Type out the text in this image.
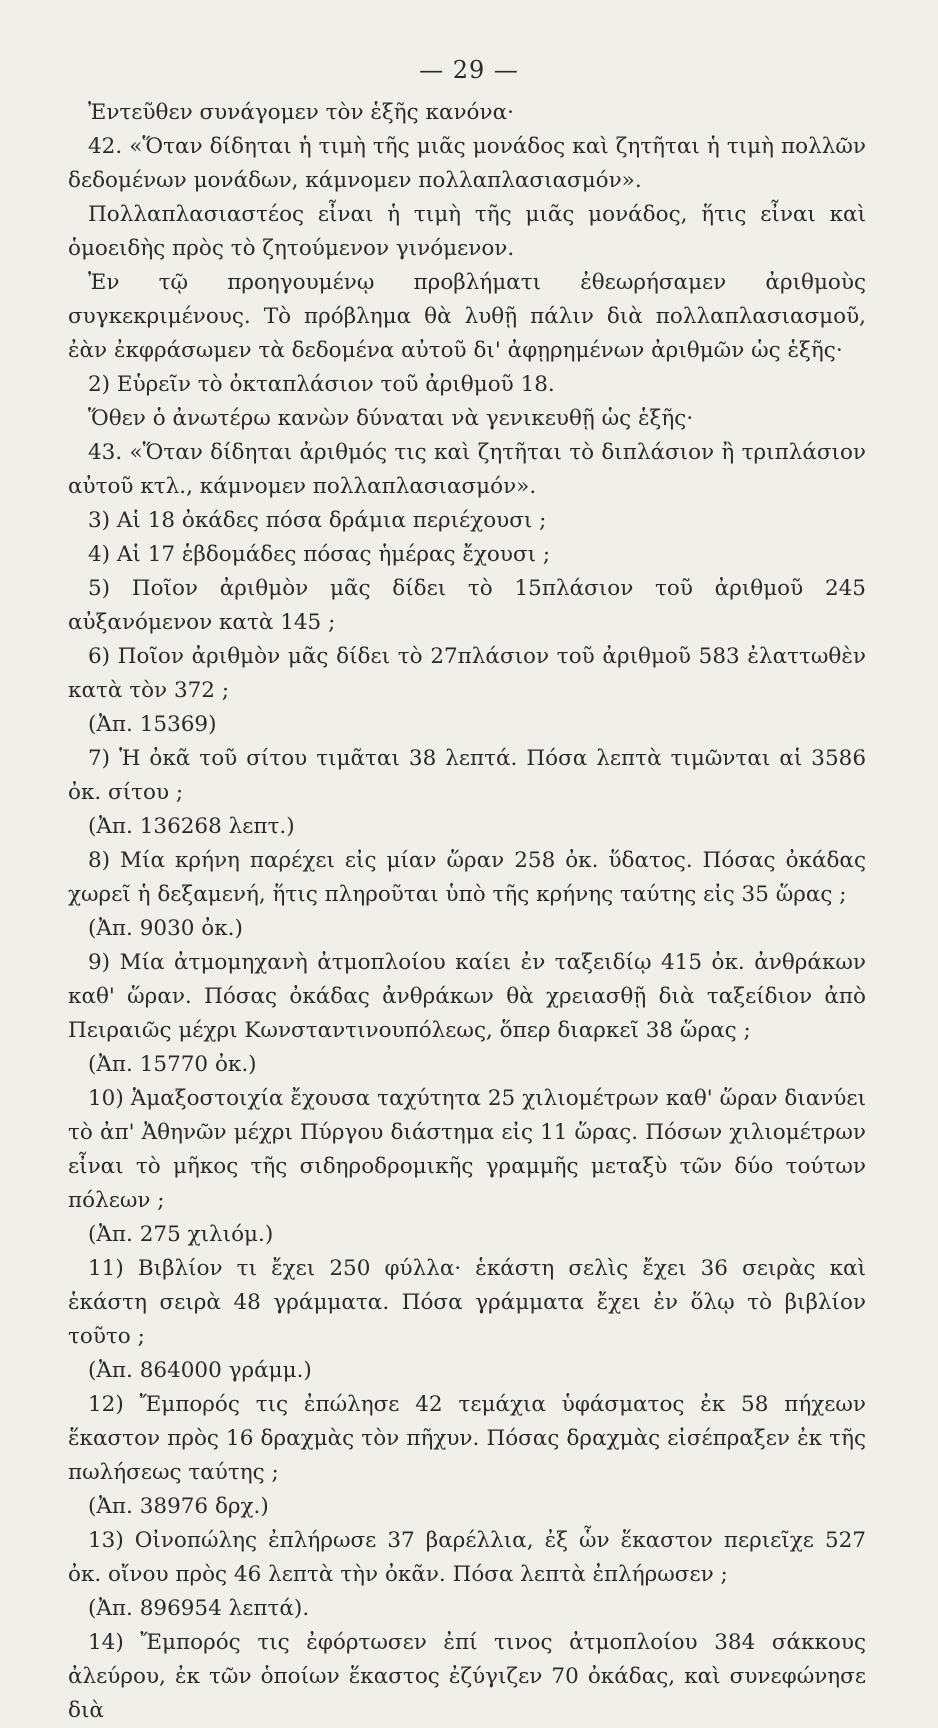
— 29 —

Ἐντεῦθεν συνάγομεν τὸν ἑξῆς κανόνα·

42. «Ὅταν δίδηται ἡ τιμὴ τῆς μιᾶς μονάδος καὶ ζητῆται ἡ τιμὴ πολλῶν δεδομένων μονάδων, κάμνομεν πολλαπλασιασμόν».

Πολλαπλασιαστέος εἶναι ἡ τιμὴ τῆς μιᾶς μονάδος, ἥτις εἶναι καὶ ὁμοειδὴς πρὸς τὸ ζητούμενον γινόμενον.

Ἐν τῷ προηγουμένῳ προβλήματι ἐθεωρήσαμεν ἀριθμοὺς συγκεκριμένους. Τὸ πρόβλημα θὰ λυθῇ πάλιν διὰ πολλαπλασιασμοῦ, ἐὰν ἐκφράσωμεν τὰ δεδομένα αὐτοῦ δι' ἀφῃρημένων ἀριθμῶν ὡς ἑξῆς·

2) Εὑρεῖν τὸ ὀκταπλάσιον τοῦ ἀριθμοῦ 18.

Ὅθεν ὁ ἀνωτέρω κανὼν δύναται νὰ γενικευθῇ ὡς ἑξῆς·

43. «Ὅταν δίδηται ἀριθμός τις καὶ ζητῆται τὸ διπλάσιον ἢ τριπλάσιον αὐτοῦ κτλ., κάμνομεν πολλαπλασιασμόν».

3) Αἱ 18 ὀκάδες πόσα δράμια περιέχουσι ;

4) Αἱ 17 ἑβδομάδες πόσας ἡμέρας ἔχουσι ;

5) Ποῖον ἀριθμὸν μᾶς δίδει τὸ 15πλάσιον τοῦ ἀριθμοῦ 245 αὐξανόμενον κατὰ 145 ;

6) Ποῖον ἀριθμὸν μᾶς δίδει τὸ 27πλάσιον τοῦ ἀριθμοῦ 583 ἐλαττωθὲν κατὰ τὸν 372 ;
(Ἀπ. 15369)

7) Ἡ ὀκᾶ τοῦ σίτου τιμᾶται 38 λεπτά. Πόσα λεπτὰ τιμῶνται αἱ 3586 ὀκ. σίτου ;
(Ἀπ. 136268 λεπτ.)

8) Μία κρήνη παρέχει εἰς μίαν ὥραν 258 ὀκ. ὕδατος. Πόσας ὀκάδας χωρεῖ ἡ δεξαμενή, ἥτις πληροῦται ὑπὸ τῆς κρήνης ταύτης εἰς 35 ὥρας ;
(Ἀπ. 9030 ὀκ.)

9) Μία ἀτμομηχανὴ ἀτμοπλοίου καίει ἐν ταξειδίῳ 415 ὀκ. ἀνθράκων καθ' ὥραν. Πόσας ὀκάδας ἀνθράκων θὰ χρειασθῇ διὰ ταξείδιον ἀπὸ Πειραιῶς μέχρι Κωνσταντινουπόλεως, ὅπερ διαρκεῖ 38 ὥρας ;
(Ἀπ. 15770 ὀκ.)

10) Ἁμαξοστοιχία ἔχουσα ταχύτητα 25 χιλιομέτρων καθ' ὥραν διανύει τὸ ἀπ' Ἀθηνῶν μέχρι Πύργου διάστημα εἰς 11 ὥρας. Πόσων χιλιομέτρων εἶναι τὸ μῆκος τῆς σιδηροδρομικῆς γραμμῆς μεταξὺ τῶν δύο τούτων πόλεων ;
(Ἀπ. 275 χιλιόμ.)

11) Βιβλίον τι ἔχει 250 φύλλα· ἑκάστη σελὶς ἔχει 36 σειρὰς καὶ ἑκάστη σειρὰ 48 γράμματα. Πόσα γράμματα ἔχει ἐν ὅλῳ τὸ βιβλίον τοῦτο ;
(Ἀπ. 864000 γράμμ.)

12) Ἔμπορός τις ἐπώλησε 42 τεμάχια ὑφάσματος ἐκ 58 πήχεων ἕκαστον πρὸς 16 δραχμὰς τὸν πῆχυν. Πόσας δραχμὰς εἰσέπραξεν ἐκ τῆς πωλήσεως ταύτης ;
(Ἀπ. 38976 δρχ.)

13) Οἰνοπώλης ἐπλήρωσε 37 βαρέλλια, ἐξ ὧν ἕκαστον περιεῖχε 527 ὀκ. οἴνου πρὸς 46 λεπτὰ τὴν ὀκᾶν. Πόσα λεπτὰ ἐπλήρωσεν ;
(Ἀπ. 896954 λεπτά).

14) Ἔμπορός τις ἐφόρτωσεν ἐπί τινος ἀτμοπλοίου 384 σάκκους ἀλεύρου, ἐκ τῶν ὁποίων ἕκαστος ἐζύγιζεν 70 ὀκάδας, καὶ συνεφώνησε διὰ
